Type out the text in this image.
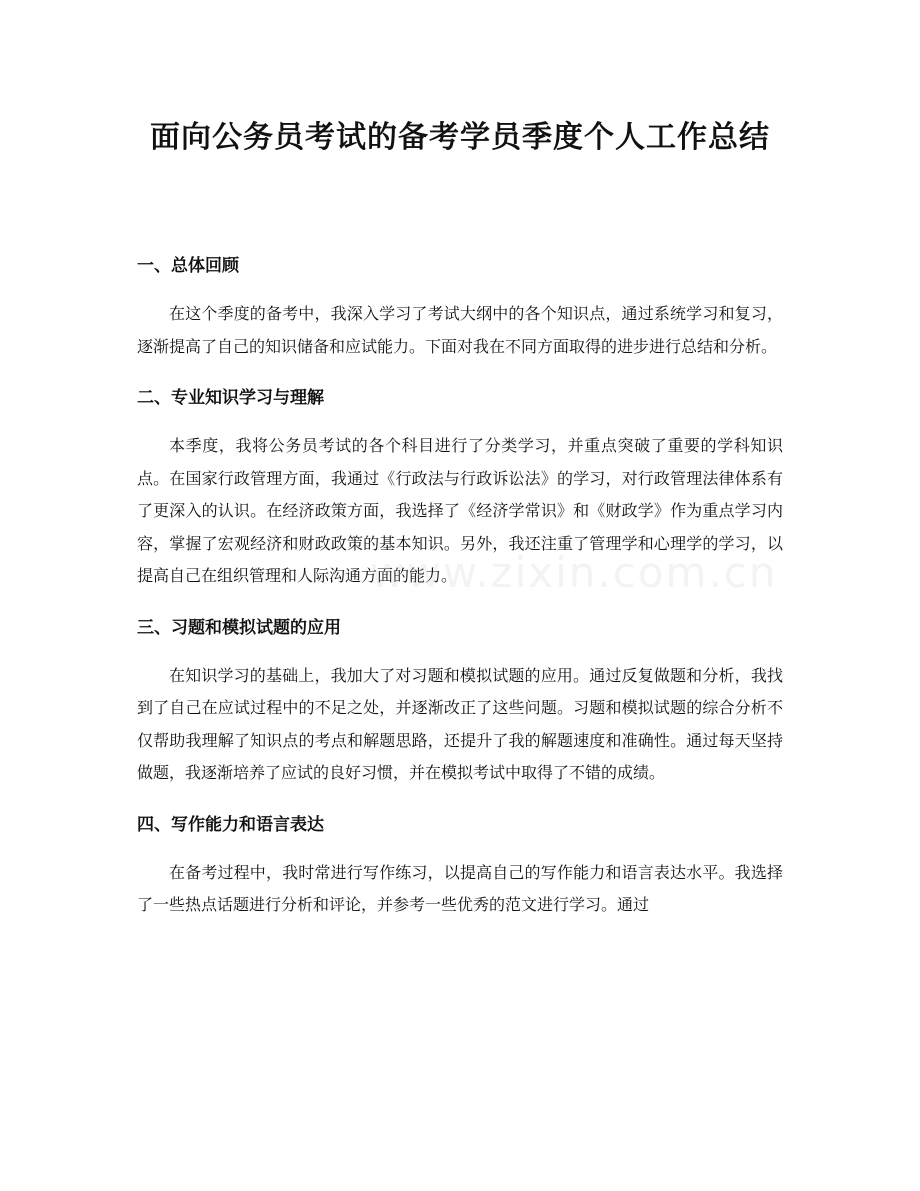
面向公务员考试的备考学员季度个人工作总结
一、总体回顾

在这个季度的备考中，我深入学习了考试大纲中的各个知识点，通过系统学习和复习，逐渐提高了自己的知识储备和应试能力。下面对我在不同方面取得的进步进行总结和分析。

二、专业知识学习与理解

本季度，我将公务员考试的各个科目进行了分类学习，并重点突破了重要的学科知识点。在国家行政管理方面，我通过《行政法与行政诉讼法》的学习，对行政管理法律体系有了更深入的认识。在经济政策方面，我选择了《经济学常识》和《财政学》作为重点学习内容，掌握了宏观经济和财政政策的基本知识。另外，我还注重了管理学和心理学的学习，以提高自己在组织管理和人际沟通方面的能力。

三、习题和模拟试题的应用

在知识学习的基础上，我加大了对习题和模拟试题的应用。通过反复做题和分析，我找到了自己在应试过程中的不足之处，并逐渐改正了这些问题。习题和模拟试题的综合分析不仅帮助我理解了知识点的考点和解题思路，还提升了我的解题速度和准确性。通过每天坚持做题，我逐渐培养了应试的良好习惯，并在模拟考试中取得了不错的成绩。

四、写作能力和语言表达

在备考过程中，我时常进行写作练习，以提高自己的写作能力和语言表达水平。我选择了一些热点话题进行分析和评论，并参考一些优秀的范文进行学习。通过

www.zixin.com.cn
